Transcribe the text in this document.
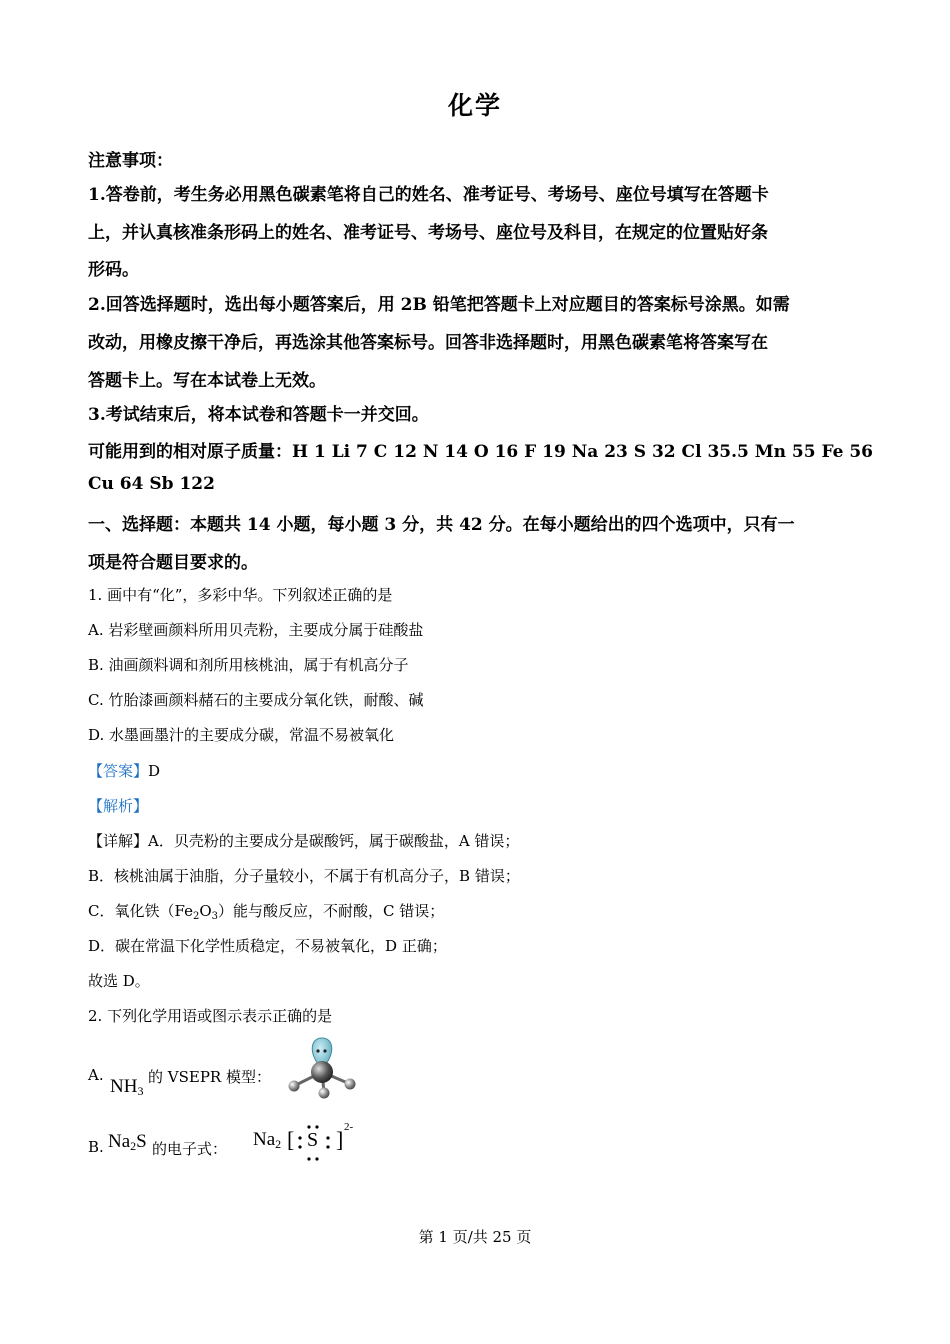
化学
注意事项：
1.答卷前，考生务必用黑色碳素笔将自己的姓名、准考证号、考场号、座位号填写在答题卡
上，并认真核准条形码上的姓名、准考证号、考场号、座位号及科目，在规定的位置贴好条
形码。
2.回答选择题时，选出每小题答案后，用 2B 铅笔把答题卡上对应题目的答案标号涂黑。如需
改动，用橡皮擦干净后，再选涂其他答案标号。回答非选择题时，用黑色碳素笔将答案写在
答题卡上。写在本试卷上无效。
3.考试结束后，将本试卷和答题卡一并交回。
可能用到的相对原子质量：H 1 Li 7 C 12 N 14 O 16 F 19 Na 23 S 32 Cl 35.5 Mn 55 Fe 56
Cu 64 Sb 122
一、选择题：本题共 14 小题，每小题 3 分，共 42 分。在每小题给出的四个选项中，只有一
项是符合题目要求的。
1. 画中有“化”，多彩中华。下列叙述正确的是
A. 岩彩壁画颜料所用贝壳粉，主要成分属于硅酸盐
B. 油画颜料调和剂所用核桃油，属于有机高分子
C. 竹胎漆画颜料赭石的主要成分氧化铁，耐酸、碱
D. 水墨画墨汁的主要成分碳，常温不易被氧化
【答案】D
【解析】
【详解】A．贝壳粉的主要成分是碳酸钙，属于碳酸盐，A 错误；
B．核桃油属于油脂，分子量较小，不属于有机高分子，B 错误；
C．氧化铁$(Fe_2O_3)$能与酸反应，不耐酸，C 错误；
D．碳在常温下化学性质稳定，不易被氧化，D 正确；
故选 D。
2. 下列化学用语或图示表示正确的是
A.
$NH_3$
的 VSEPR 模型：
B. $Na_2S$ 的电子式： $Na_2$ [ S ] 2-
第 1 页/共 25 页
